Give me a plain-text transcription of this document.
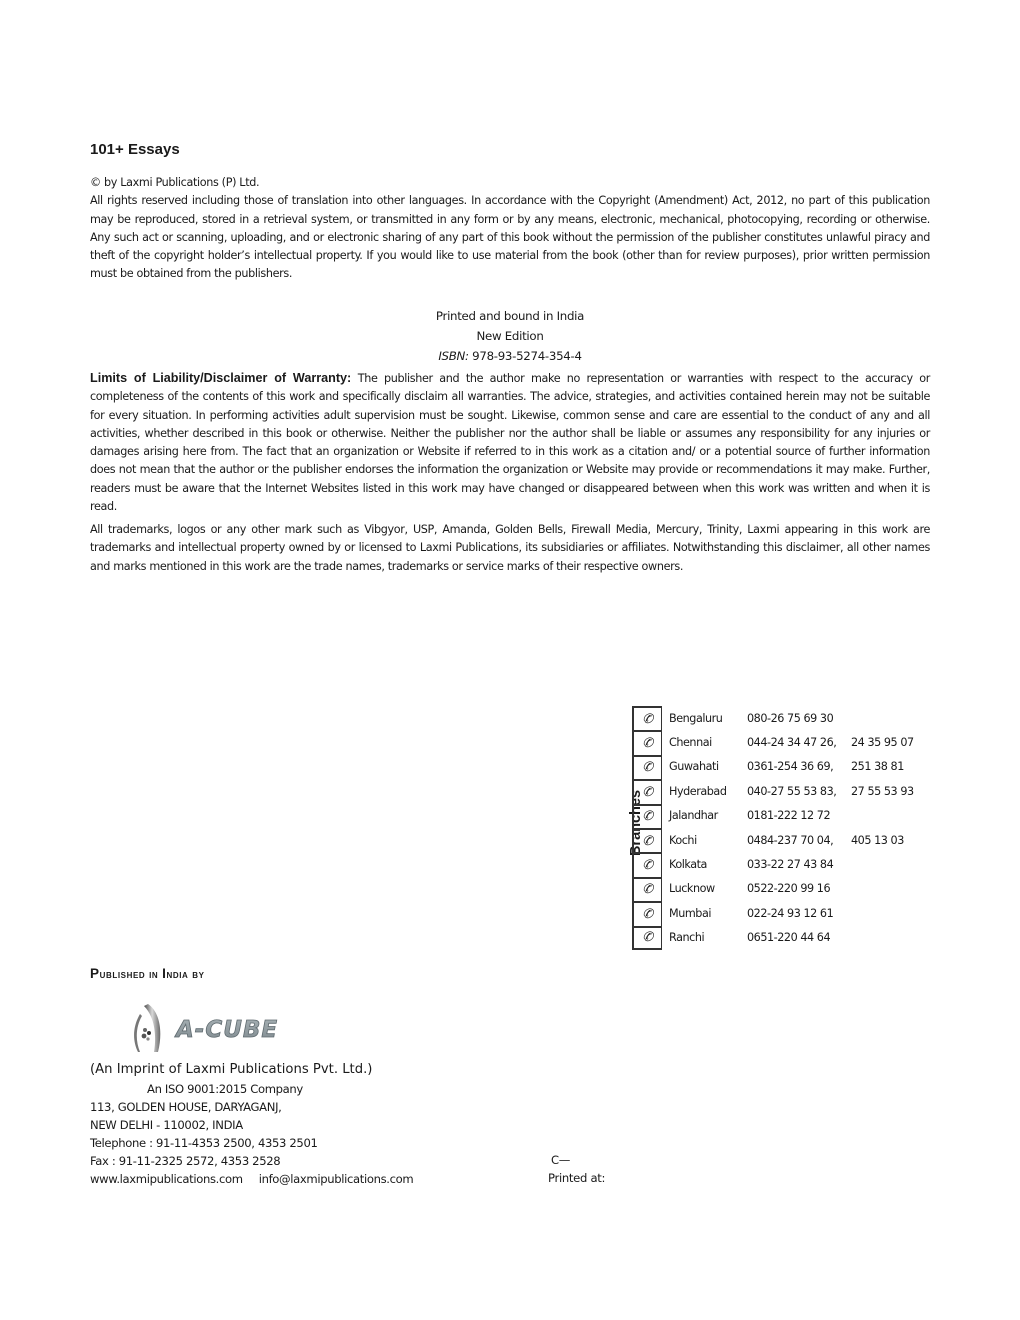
101+ Essays

© by Laxmi Publications (P) Ltd.

All rights reserved including those of translation into other languages. In accordance with the Copyright (Amendment) Act, 2012, no part of this publication may be reproduced, stored in a retrieval system, or transmitted in any form or by any means, electronic, mechanical, photocopying, recording or otherwise. Any such act or scanning, uploading, and or electronic sharing of any part of this book without the permission of the publisher constitutes unlawful piracy and theft of the copyright holder’s intellectual property. If you would like to use material from the book (other than for review purposes), prior written permission must be obtained from the publishers.

Printed and bound in India
New Edition
ISBN: 978-93-5274-354-4
Limits of Liability/Disclaimer of Warranty: The publisher and the author make no representation or warranties with respect to the accuracy or completeness of the contents of this work and specifically disclaim all warranties. The advice, strategies, and activities contained herein may not be suitable for every situation. In performing activities adult supervision must be sought. Likewise, common sense and care are essential to the conduct of any and all activities, whether described in this book or otherwise. Neither the publisher nor the author shall be liable or assumes any responsibility for any injuries or damages arising here from. The fact that an organization or Website if referred to in this work as a citation and/ or a potential source of further information does not mean that the author or the publisher endorses the information the organization or Website may provide or recommendations it may make. Further, readers must be aware that the Internet Websites listed in this work may have changed or disappeared between when this work was written and when it is read.
All trademarks, logos or any other mark such as Vibgyor, USP, Amanda, Golden Bells, Firewall Media, Mercury, Trinity, Laxmi appearing in this work are trademarks and intellectual property owned by or licensed to Laxmi Publications, its subsidiaries or affiliates. Notwithstanding this disclaimer, all other names and marks mentioned in this work are the trade names, trademarks or service marks of their respective owners.
Branches
✆	Bengaluru	080-26 75 69 30
✆	Chennai	044-24 34 47 26,	24 35 95 07
✆	Guwahati	0361-254 36 69,	251 38 81
✆	Hyderabad	040-27 55 53 83,	27 55 53 93
✆	Jalandhar	0181-222 12 72
✆	Kochi	0484-237 70 04,	405 13 03
✆	Kolkata	033-22 27 43 84
✆	Lucknow	0522-220 99 16
✆	Mumbai	022-24 93 12 61
✆	Ranchi	0651-220 44 64
Published in India by
A-CUBE
(An Imprint of Laxmi Publications Pvt. Ltd.)
An ISO 9001:2015 Company
113, GOLDEN HOUSE, DARYAGANJ,
NEW DELHI - 110002, INDIA
Telephone : 91-11-4353 2500, 4353 2501
Fax : 91-11-2325 2572, 4353 2528
www.laxmipublications.com info@laxmipublications.com
C—
Printed at:
